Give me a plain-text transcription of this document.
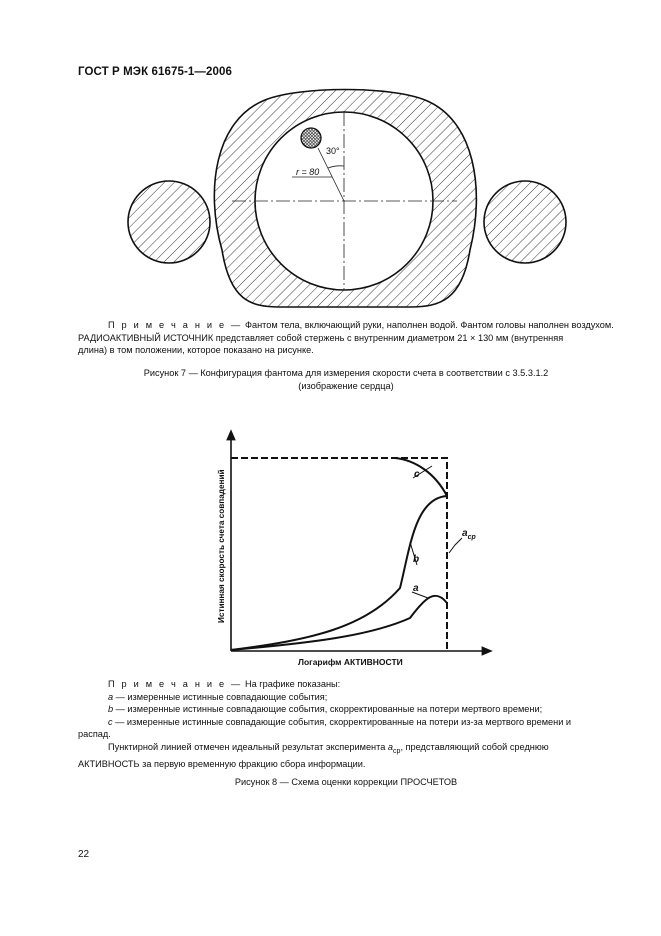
ГОСТ Р МЭК 61675-1—2006
30°
r = 80

П р и м е ч а н и е — Фантом тела, включающий руки, наполнен водой. Фантом головы наполнен воздухом.

РАДИОАКТИВНЫЙ ИСТОЧНИК представляет собой стержень с внутренним диаметром 21 × 130 мм (внутренняя

длина) в том положении, которое показано на рисунке.

Рисунок 7 — Конфигурация фантома для измерения скорости счета в соответствии с 3.5.3.1.2

(изображение сердца)

c
b
a
$a_{ср}$
Истинная скорость счета совпадений
Логарифм АКТИВНОСТИ

П р и м е ч а н и е — На графике показаны:

a — измеренные истинные совпадающие события;

b — измеренные истинные совпадающие события, скорректированные на потери мертвого времени;

c — измеренные истинные совпадающие события, скорректированные на потери из-за мертвого времени и

распад.

Пунктирной линией отмечен идеальный результат эксперимента $a_{ср}$, представляющий собой среднюю

АКТИВНОСТЬ за первую временную фракцию сбора информации.

Рисунок 8 — Схема оценки коррекции ПРОСЧЕТОВ
22
